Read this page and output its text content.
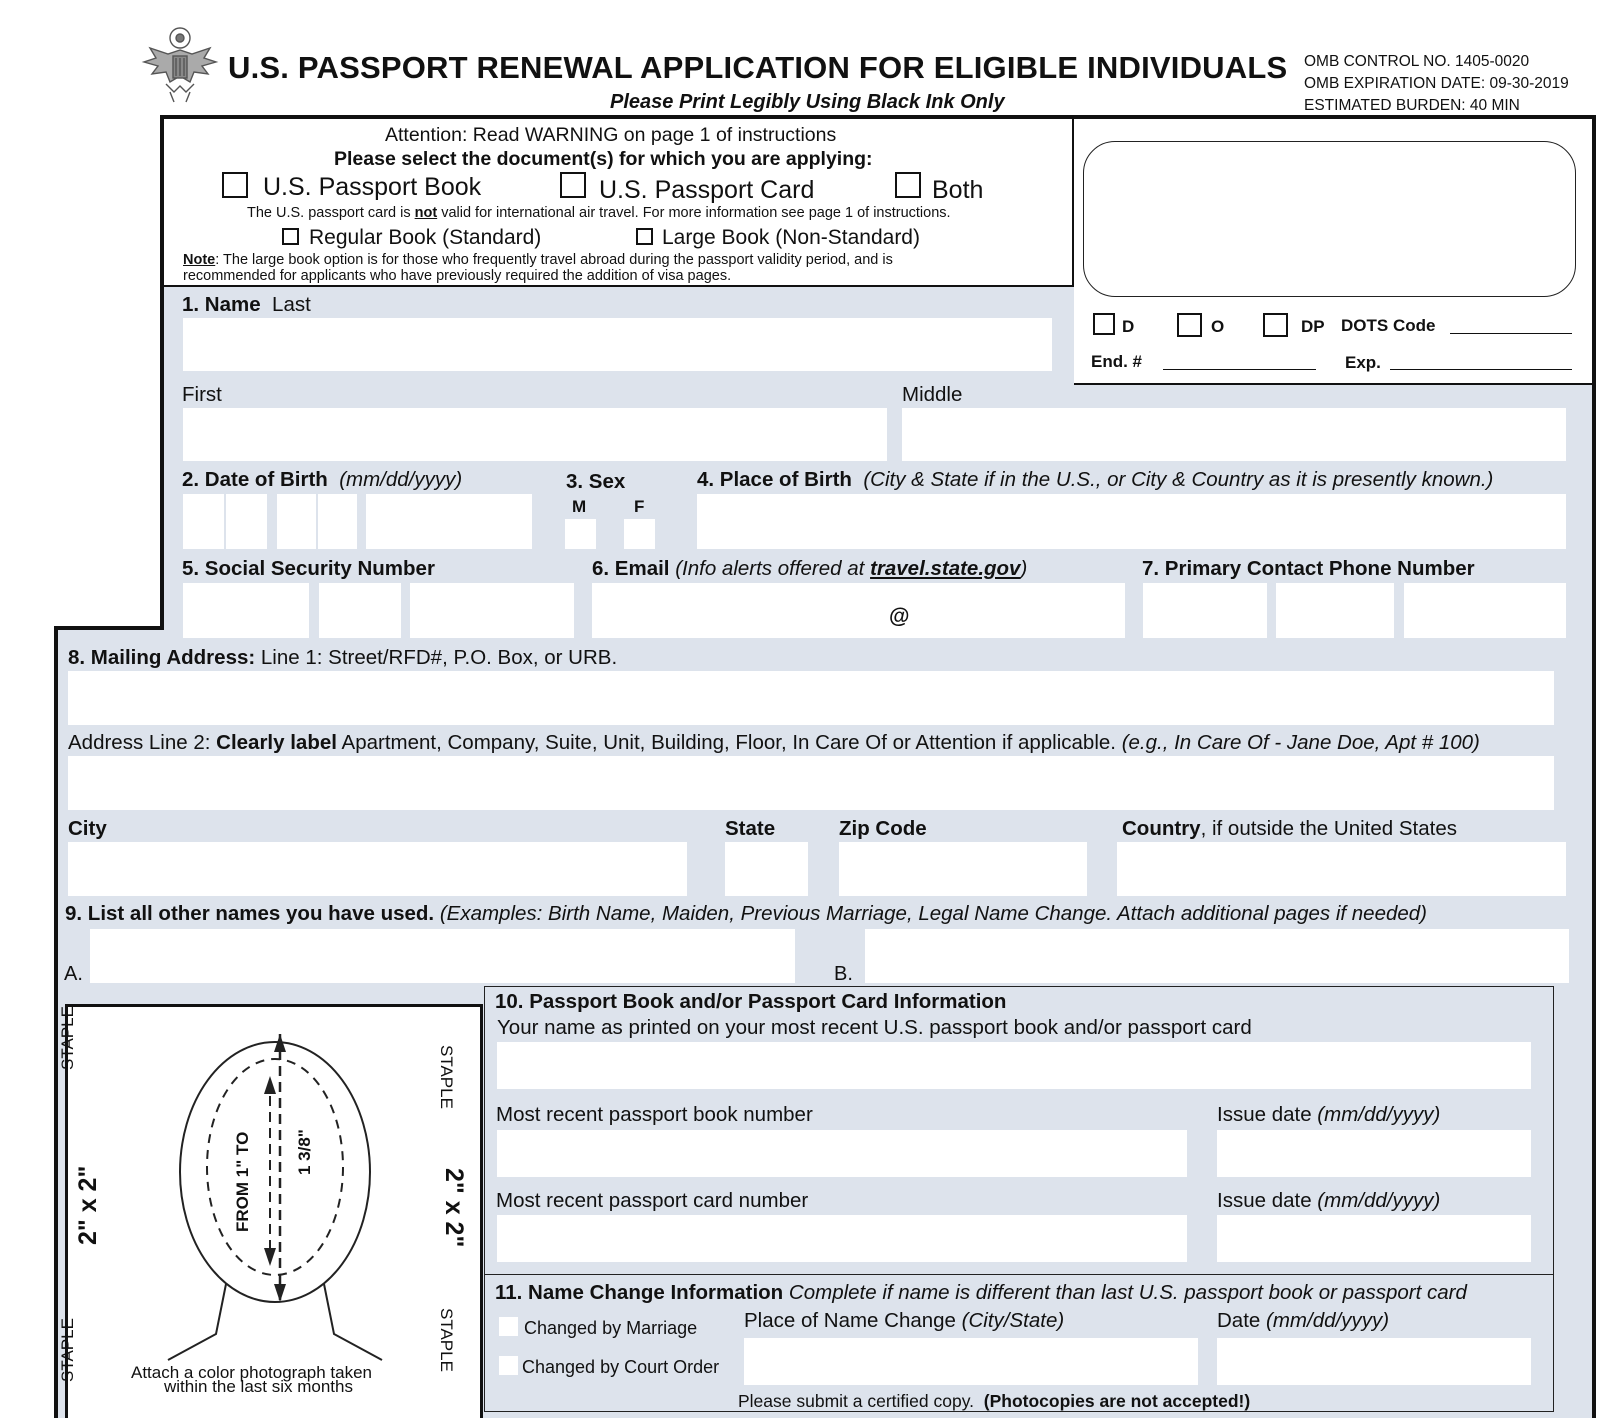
U.S. PASSPORT RENEWAL APPLICATION FOR ELIGIBLE INDIVIDUALS
Please Print Legibly Using Black Ink Only
OMB CONTROL NO. 1405-0020
OMB EXPIRATION DATE: 09-30-2019
ESTIMATED BURDEN: 40 MIN
Attention: Read WARNING on page 1 of instructions
Please select the document(s) for which you are applying:
U.S. Passport Book	U.S. Passport Card	Both
The U.S. passport card is not valid for international air travel. For more information see page 1 of instructions.
Regular Book (Standard)	Large Book (Non-Standard)
Note: The large book option is for those who frequently travel abroad during the passport validity period, and is
recommended for applicants who have previously required the addition of visa pages.
D	O	DP DOTS Code
End. #	Exp.
1. Name Last
First	Middle
2. Date of Birth (mm/dd/yyyy)	3. Sex
M	F
4. Place of Birth (City & State if in the U.S., or City & Country as it is presently known.)
5. Social Security Number	6. Email (Info alerts offered at travel.state.gov)
@
7. Primary Contact Phone Number
8. Mailing Address: Line 1: Street/RFD#, P.O. Box, or URB.
Address Line 2: Clearly label Apartment, Company, Suite, Unit, Building, Floor, In Care Of or Attention if applicable. (e.g., In Care Of - Jane Doe, Apt # 100)
City	State	Zip Code	Country, if outside the United States
9. List all other names you have used. (Examples: Birth Name, Maiden, Previous Marriage, Legal Name Change. Attach additional pages if needed)
A.	B.
STAPLE
STAPLE
STAPLE	STAPLE
2" x 2"	2" x 2"
FROM 1" TO	1 3/8"
Attach a color photograph taken
within the last six months
10. Passport Book and/or Passport Card Information
Your name as printed on your most recent U.S. passport book and/or passport card
Most recent passport book number	Issue date (mm/dd/yyyy)
Most recent passport card number	Issue date (mm/dd/yyyy)
11. Name Change Information Complete if name is different than last U.S. passport book or passport card
Changed by Marriage
Changed by Court Order
Place of Name Change (City/State)	Date (mm/dd/yyyy)
Please submit a certified copy. (Photocopies are not accepted!)
